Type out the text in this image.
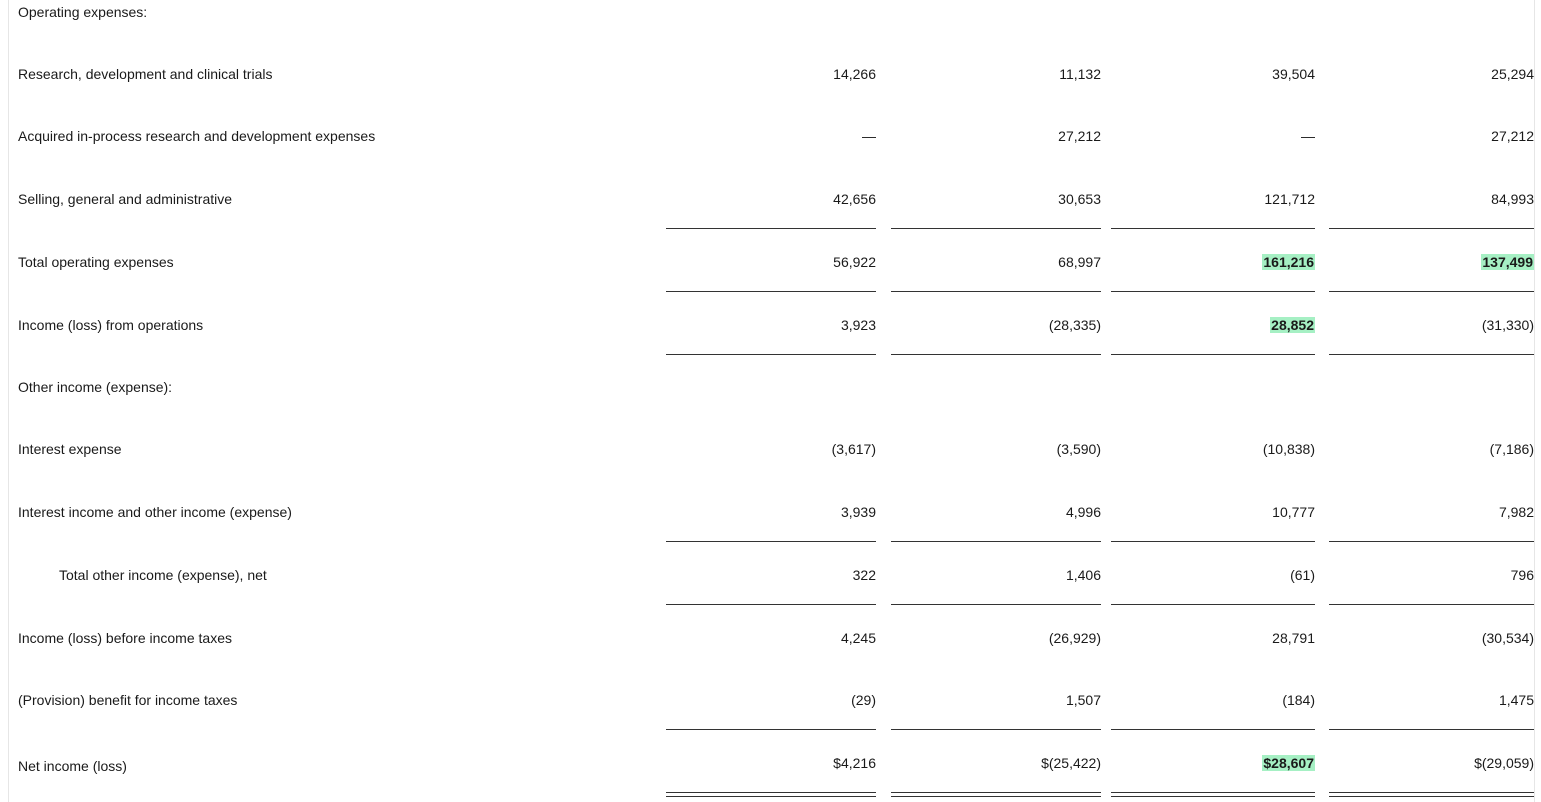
Operating expenses:
Research, development and clinical trials	14,266	11,132	39,504	25,294
Acquired in-process research and development expenses	—	27,212	—	27,212
Selling, general and administrative	42,656	30,653	121,712	84,993
Total operating expenses	56,922	68,997	161,216	137,499
Income (loss) from operations	3,923	(28,335)	28,852	(31,330)
Other income (expense):
Interest expense	(3,617)	(3,590)	(10,838)	(7,186)
Interest income and other income (expense)	3,939	4,996	10,777	7,982
Total other income (expense), net	322	1,406	(61)	796
Income (loss) before income taxes	4,245	(26,929)	28,791	(30,534)
(Provision) benefit for income taxes	(29)	1,507	(184)	1,475
Net income (loss)	$4,216	$(25,422)	$28,607	$(29,059)
